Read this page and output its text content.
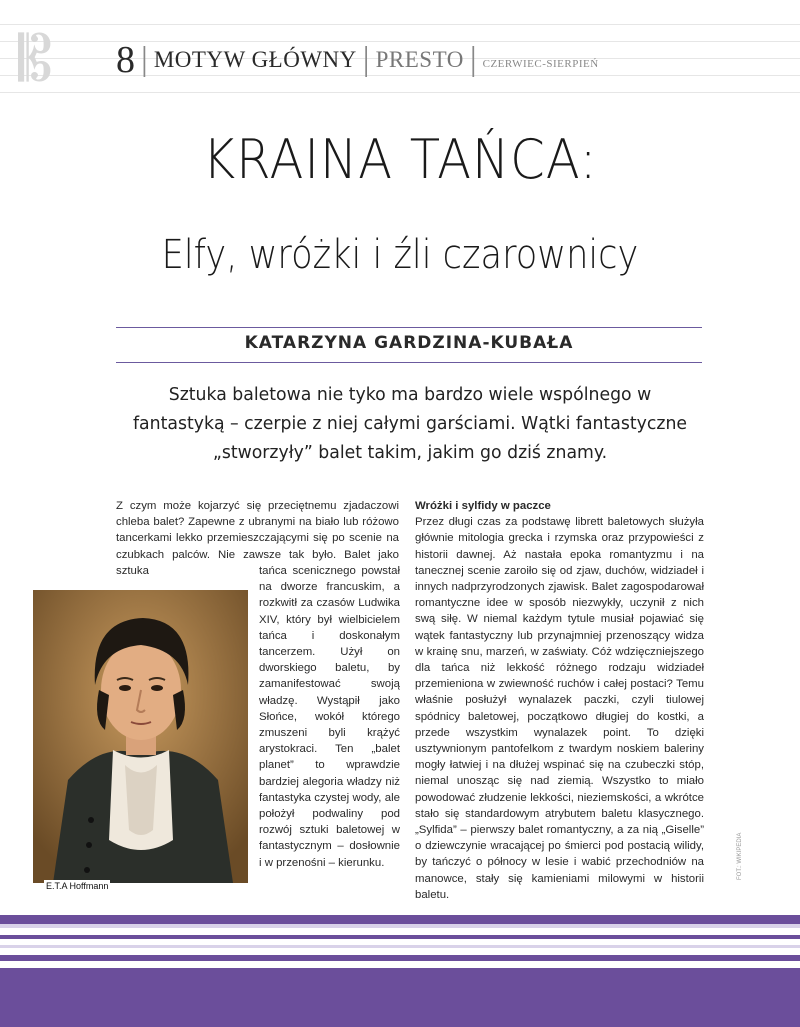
𝄡 8 | MOTYW GŁÓWNY | PRESTO | CZERWIEC-SIERPIEŃ
KRAINA TAŃCA:
Elfy, wróżki i źli czarownicy
KATARZYNA GARDZINA-KUBAŁA
Sztuka baletowa nie tyko ma bardzo wiele wspólnego w fantastyką – czerpie z niej całymi garściami. Wątki fantastyczne „stworzyły” balet takim, jakim go dziś znamy.

Z czym może kojarzyć się przeciętnemu zjadaczowi chleba balet? Zapewne z ubranymi na biało lub różowo tancerkami lekko przemieszczającymi się po scenie na czubkach palców. Nie zawsze tak było. Balet jako sztuka	tańca scenicznego powstał na dworze francuskim, a rozkwitł za czasów Ludwika XIV, który był wielbicielem tańca i doskonałym tancerzem. Użył on dworskiego baletu, by zamanifestować swoją władzę. Wystąpił jako Słońce, wokół którego zmuszeni byli krążyć arystokraci. Ten „balet planet” to wprawdzie bardziej alegoria władzy niż fantastyka czystej wody, ale położył podwaliny pod rozwój sztuki baletowej w fantastycznym – dosłownie i w przenośni – kierunku.

E.T.A Hoffmann

Wróżki i sylfidy w paczce

Przez długi czas za podstawę librett baletowych służyła głównie mitologia grecka i rzymska oraz przypowieści z historii dawnej. Aż nastała epoka romantyzmu i na tanecznej scenie zaroiło się od zjaw, duchów, widziadeł i innych nadprzyrodzonych zjawisk. Balet zagospodarował romantyczne idee w sposób niezwykły, uczynił z nich swą siłę. W niemal każdym tytule musiał pojawiać się wątek fantastyczny lub przynajmniej przenoszący widza w krainę snu, marzeń, w zaświaty. Cóż wdzięczniejszego dla tańca niż lekkość różnego rodzaju widziadeł przemieniona w zwiewność ruchów i całej postaci? Temu właśnie posłużył wynalazek paczki, czyli tiulowej spódnicy baletowej, początkowo długiej do kostki, a przede wszystkim wynalazek point. To dzięki usztywnionym pantofelkom z twardym noskiem baleriny mogły łatwiej i na dłużej wspinać się na czubeczki stóp, niemal unosząc się nad ziemią. Wszystko to miało powodować złudzenie lekkości, nieziemskości, a wkrótce stało się standardowym atrybutem baletu klasycznego. „Sylfida” – pierwszy balet romantyczny, a za nią „Giselle” o dziewczynie wracającej po śmierci pod postacią wilidy, by tańczyć o północy w lesie i wabić przechodniów na manowce, stały się kamieniami milowymi w historii baletu.

FOT.: WIKIPEDIA
